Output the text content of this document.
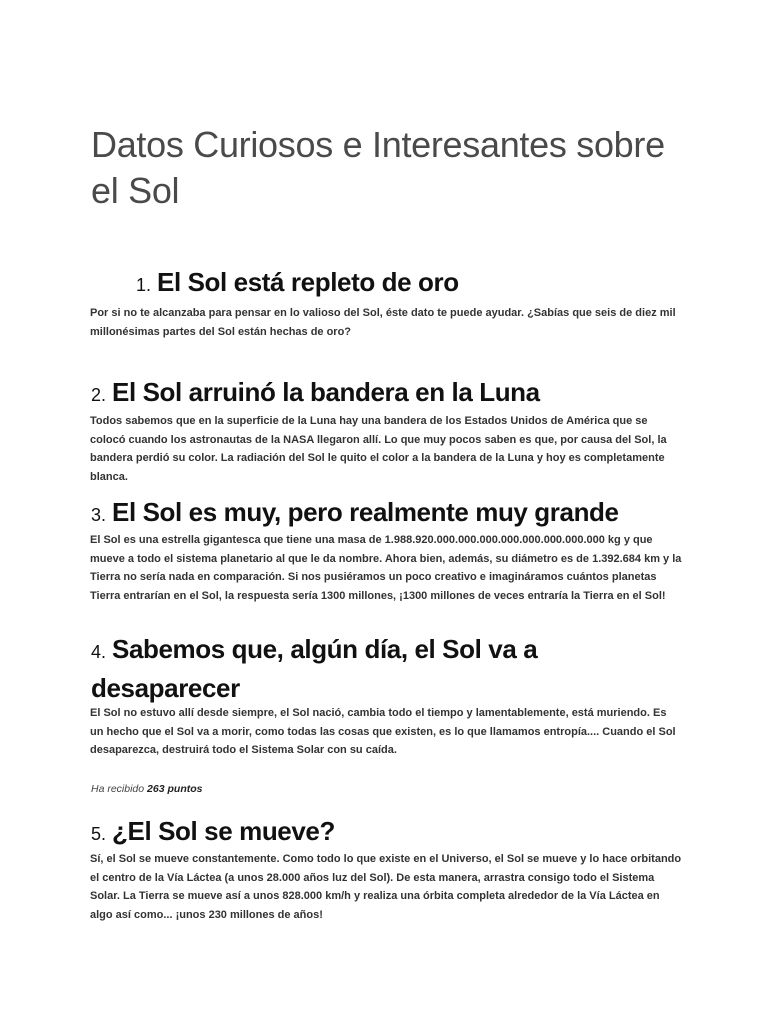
Datos Curiosos e Interesantes sobre el Sol
1. El Sol está repleto de oro

Por si no te alcanzaba para pensar en lo valioso del Sol, éste dato te puede ayudar. ¿Sabías que seis de diez mil millonésimas partes del Sol están hechas de oro?

2. El Sol arruinó la bandera en la Luna

Todos sabemos que en la superficie de la Luna hay una bandera de los Estados Unidos de América que se colocó cuando los astronautas de la NASA llegaron allí. Lo que muy pocos saben es que, por causa del Sol, la bandera perdió su color. La radiación del Sol le quito el color a la bandera de la Luna y hoy es completamente blanca.

3. El Sol es muy, pero realmente muy grande

El Sol es una estrella gigantesca que tiene una masa de 1.988.920.000.000.000.000.000.000.000.000 kg y que mueve a todo el sistema planetario al que le da nombre. Ahora bien, además, su diámetro es de 1.392.684 km y la Tierra no sería nada en comparación. Si nos pusiéramos un poco creativo e imagináramos cuántos planetas Tierra entrarían en el Sol, la respuesta sería 1300 millones, ¡1300 millones de veces entraría la Tierra en el Sol!

4. Sabemos que, algún día, el Sol va a desaparecer

El Sol no estuvo allí desde siempre, el Sol nació, cambia todo el tiempo y lamentablemente, está muriendo. Es un hecho que el Sol va a morir, como todas las cosas que existen, es lo que llamamos entropía.... Cuando el Sol desaparezca, destruirá todo el Sistema Solar con su caída.

Ha recibido 263 puntos

5. ¿El Sol se mueve?

Sí, el Sol se mueve constantemente. Como todo lo que existe en el Universo, el Sol se mueve y lo hace orbitando el centro de la Vía Láctea (a unos 28.000 años luz del Sol). De esta manera, arrastra consigo todo el Sistema Solar. La Tierra se mueve así a unos 828.000 km/h y realiza una órbita completa alrededor de la Vía Láctea en algo así como... ¡unos 230 millones de años!
